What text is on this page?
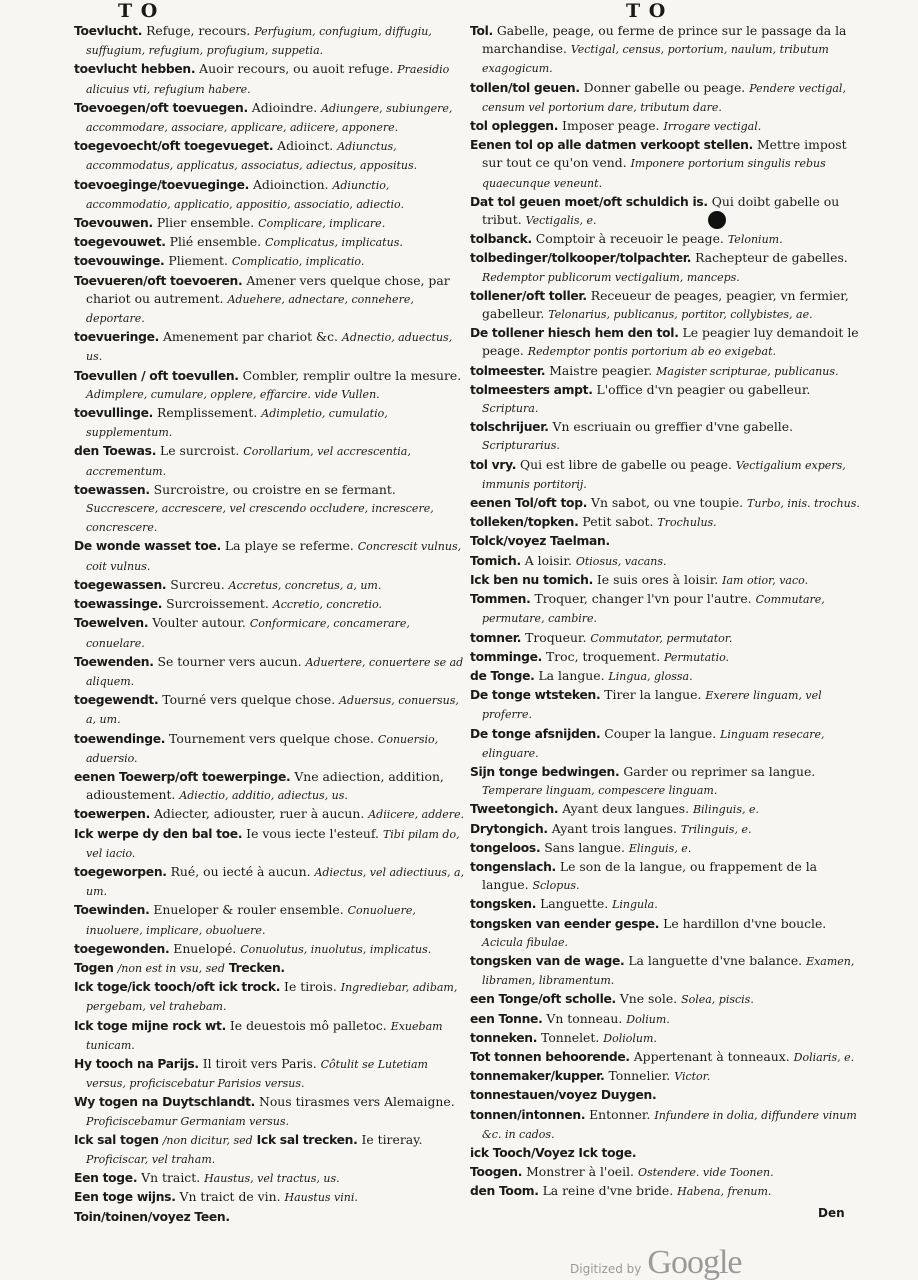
T O	T O

Toevlucht. Refuge, recours. Perfugium, confugium, diffugiu, suffugium, refugium, profugium, suppetia.

toevlucht hebben. Auoir recours, ou auoit refuge. Praesidio alicuius vti, refugium habere.

Toevoegen/oft toevuegen. Adioindre. Adiungere, subiungere, accommodare, associare, applicare, adiicere, apponere.

toegevoecht/oft toegevueget. Adioinct. Adiunctus, accommodatus, applicatus, associatus, adiectus, appositus.

toevoeginge/toevueginge. Adioinction. Adiunctio, accommodatio, applicatio, appositio, associatio, adiectio.

Toevouwen. Plier ensemble. Complicare, implicare.

toegevouwet. Plié ensemble. Complicatus, implicatus.

toevouwinge. Pliement. Complicatio, implicatio.

Toevueren/oft toevoeren. Amener vers quelque chose, par chariot ou autrement. Aduehere, adnectare, connehere, deportare.

toevueringe. Amenement par chariot &c. Adnectio, aduectus, us.

Toevullen / oft toevullen. Combler, remplir oultre la mesure. Adimplere, cumulare, opplere, effarcire. vide Vullen.

toevullinge. Remplissement. Adimpletio, cumulatio, supplementum.

den Toewas. Le surcroist. Corollarium, vel accrescentia, accrementum.

toewassen. Surcroistre, ou croistre en se fermant. Succrescere, accrescere, vel crescendo occludere, increscere, concrescere.

De wonde wasset toe. La playe se referme. Concrescit vulnus, coit vulnus.

toegewassen. Surcreu. Accretus, concretus, a, um.

toewassinge. Surcroissement. Accretio, concretio.

Toewelven. Voulter autour. Conformicare, concamerare, conuelare.

Toewenden. Se tourner vers aucun. Aduertere, conuertere se ad aliquem.

toegewendt. Tourné vers quelque chose. Aduersus, conuersus, a, um.

toewendinge. Tournement vers quelque chose. Conuersio, aduersio.

eenen Toewerp/oft toewerpinge. Vne adiection, addition, adioustement. Adiectio, additio, adiectus, us.

toewerpen. Adiecter, adiouster, ruer à aucun. Adiicere, addere.

Ick werpe dy den bal toe. Ie vous iecte l'esteuf. Tibi pilam do, vel iacio.

toegeworpen. Rué, ou iecté à aucun. Adiectus, vel adiectiuus, a, um.

Toewinden. Enueloper & rouler ensemble. Conuoluere, inuoluere, implicare, obuoluere.

toegewonden. Enuelopé. Conuolutus, inuolutus, implicatus.

Togen /non est in vsu, sed Trecken.

Ick toge/ick tooch/oft ick trock. Ie tirois. Ingrediebar, adibam, pergebam, vel trahebam.

Ick toge mijne rock wt. Ie deuestois mô palletoc. Exuebam tunicam.

Hy tooch na Parijs. Il tiroit vers Paris. Côtulit se Lutetiam versus, proficiscebatur Parisios versus.

Wy togen na Duytschlandt. Nous tirasmes vers Alemaigne. Proficiscebamur Germaniam versus.

Ick sal togen /non dicitur, sed Ick sal trecken. Ie tireray. Proficiscar, vel traham.

Een toge. Vn traict. Haustus, vel tractus, us.

Een toge wijns. Vn traict de vin. Haustus vini.

Toin/toinen/voyez Teen.

Tol. Gabelle, peage, ou ferme de prince sur le passage da la marchandise. Vectigal, census, portorium, naulum, tributum exagogicum.

tollen/tol geuen. Donner gabelle ou peage. Pendere vectigal, censum vel portorium dare, tributum dare.

tol opleggen. Imposer peage. Irrogare vectigal.

Eenen tol op alle datmen verkoopt stellen. Mettre impost sur tout ce qu'on vend. Imponere portorium singulis rebus quaecunque veneunt.

Dat tol geuen moet/oft schuldich is. Qui doibt gabelle ou tribut. Vectigalis, e.

tolbanck. Comptoir à receuoir le peage. Telonium.

tolbedinger/tolkooper/tolpachter. Rachepteur de gabelles. Redemptor publicorum vectigalium, manceps.

tollener/oft toller. Receueur de peages, peagier, vn fermier, gabelleur. Telonarius, publicanus, portitor, collybistes, ae.

De tollener hiesch hem den tol. Le peagier luy demandoit le peage. Redemptor pontis portorium ab eo exigebat.

tolmeester. Maistre peagier. Magister scripturae, publicanus.

tolmeesters ampt. L'office d'vn peagier ou gabelleur. Scriptura.

tolschrijuer. Vn escriuain ou greffier d'vne gabelle. Scripturarius.

tol vry. Qui est libre de gabelle ou peage. Vectigalium expers, immunis portitorij.

eenen Tol/oft top. Vn sabot, ou vne toupie. Turbo, inis. trochus.

tolleken/topken. Petit sabot. Trochulus.

Tolck/voyez Taelman.

Tomich. A loisir. Otiosus, vacans.

Ick ben nu tomich. Ie suis ores à loisir. Iam otior, vaco.

Tommen. Troquer, changer l'vn pour l'autre. Commutare, permutare, cambire.

tomner. Troqueur. Commutator, permutator.

tomminge. Troc, troquement. Permutatio.

de Tonge. La langue. Lingua, glossa.

De tonge wtsteken. Tirer la langue. Exerere linguam, vel proferre.

De tonge afsnijden. Couper la langue. Linguam resecare, elinguare.

Sijn tonge bedwingen. Garder ou reprimer sa langue. Temperare linguam, compescere linguam.

Tweetongich. Ayant deux langues. Bilinguis, e.

Drytongich. Ayant trois langues. Trilinguis, e.

tongeloos. Sans langue. Elinguis, e.

tongenslach. Le son de la langue, ou frappement de la langue. Sclopus.

tongsken. Languette. Lingula.

tongsken van eender gespe. Le hardillon d'vne boucle. Acicula fibulae.

tongsken van de wage. La languette d'vne balance. Examen, libramen, libramentum.

een Tonge/oft scholle. Vne sole. Solea, piscis.

een Tonne. Vn tonneau. Dolium.

tonneken. Tonnelet. Doliolum.

Tot tonnen behoorende. Appertenant à tonneaux. Doliaris, e.

tonnemaker/kupper. Tonnelier. Victor.

tonnestauen/voyez Duygen.

tonnen/intonnen. Entonner. Infundere in dolia, diffundere vinum &c. in cados.

ick Tooch/Voyez Ick toge.

Toogen. Monstrer à l'oeil. Ostendere. vide Toonen.

den Toom. La reine d'vne bride. Habena, frenum.

Den
Digitized by Google
